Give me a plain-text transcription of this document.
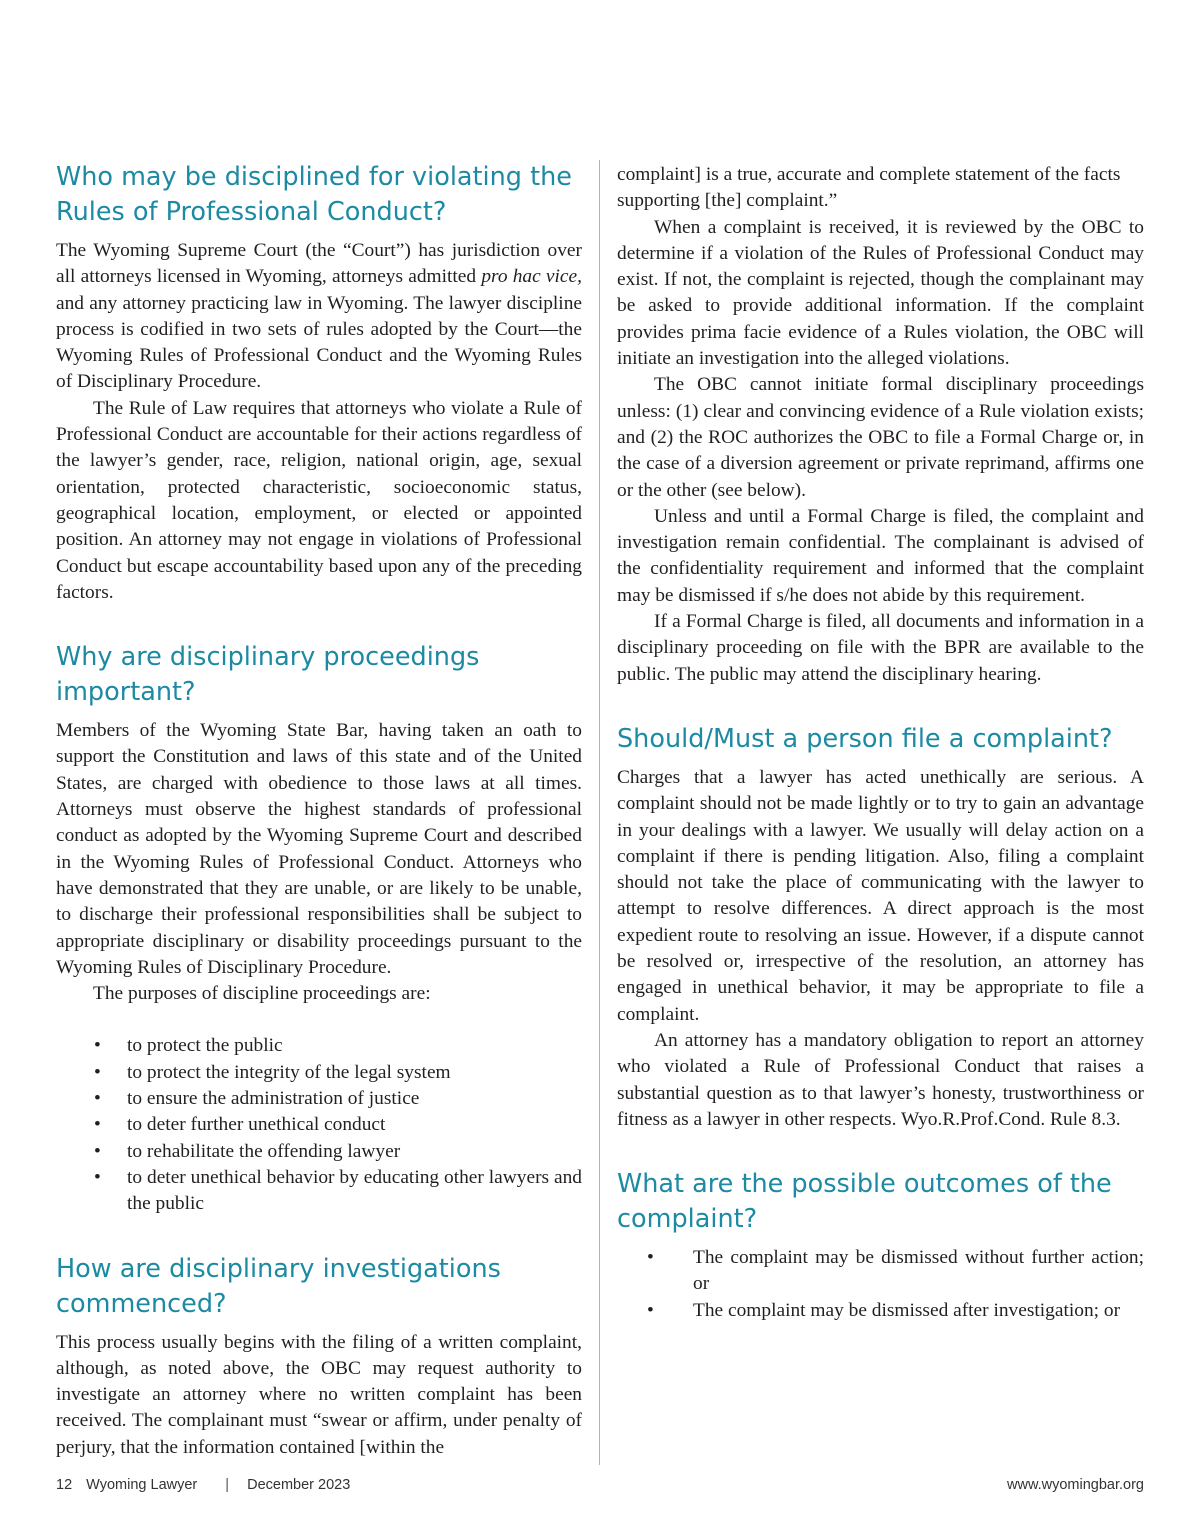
Who may be disciplined for violating the Rules of Professional Conduct?

The Wyoming Supreme Court (the “Court”) has jurisdiction over all attorneys licensed in Wyoming, attorneys admitted pro hac vice, and any attorney practicing law in Wyoming. The lawyer discipline process is codified in two sets of rules adopted by the Court—the Wyoming Rules of Professional Conduct and the Wyoming Rules of Disciplinary Procedure.

The Rule of Law requires that attorneys who violate a Rule of Professional Conduct are accountable for their actions regardless of the lawyer’s gender, race, religion, national origin, age, sexual orientation, protected characteristic, socioeconomic status, geographical location, employment, or elected or appointed position. An attorney may not engage in violations of Professional Conduct but escape accountability based upon any of the preceding factors.

Why are disciplinary proceedings important?

Members of the Wyoming State Bar, having taken an oath to support the Constitution and laws of this state and of the United States, are charged with obedience to those laws at all times. Attorneys must observe the highest standards of professional conduct as adopted by the Wyoming Supreme Court and described in the Wyoming Rules of Professional Conduct. Attorneys who have demonstrated that they are unable, or are likely to be unable, to discharge their professional responsibilities shall be subject to appropriate disciplinary or disability proceedings pursuant to the Wyoming Rules of Disciplinary Procedure.

The purposes of discipline proceedings are:

• to protect the public
• to protect the integrity of the legal system
• to ensure the administration of justice
• to deter further unethical conduct
• to rehabilitate the offending lawyer
• to deter unethical behavior by educating other lawyers and the public
How are disciplinary investigations commenced?

This process usually begins with the filing of a written complaint, although, as noted above, the OBC may request authority to investigate an attorney where no written complaint has been received. The complainant must “swear or affirm, under penalty of perjury, that the information contained [within the

complaint] is a true, accurate and complete statement of the facts supporting [the] complaint.”

When a complaint is received, it is reviewed by the OBC to determine if a violation of the Rules of Professional Conduct may exist. If not, the complaint is rejected, though the complainant may be asked to provide additional information. If the complaint provides prima facie evidence of a Rules violation, the OBC will initiate an investigation into the alleged violations.

The OBC cannot initiate formal disciplinary proceedings unless: (1) clear and convincing evidence of a Rule violation exists; and (2) the ROC authorizes the OBC to file a Formal Charge or, in the case of a diversion agreement or private reprimand, affirms one or the other (see below).

Unless and until a Formal Charge is filed, the complaint and investigation remain confidential. The complainant is advised of the confidentiality requirement and informed that the complaint may be dismissed if s/he does not abide by this requirement.

If a Formal Charge is filed, all documents and information in a disciplinary proceeding on file with the BPR are available to the public. The public may attend the disciplinary hearing.

Should/Must a person file a complaint?

Charges that a lawyer has acted unethically are serious. A complaint should not be made lightly or to try to gain an advantage in your dealings with a lawyer. We usually will delay action on a complaint if there is pending litigation. Also, filing a complaint should not take the place of communicating with the lawyer to attempt to resolve differences. A direct approach is the most expedient route to resolving an issue. However, if a dispute cannot be resolved or, irrespective of the resolution, an attorney has engaged in unethical behavior, it may be appropriate to file a complaint.

An attorney has a mandatory obligation to report an attorney who violated a Rule of Professional Conduct that raises a substantial question as to that lawyer’s honesty, trustworthiness or fitness as a lawyer in other respects. Wyo.R.Prof.Cond. Rule 8.3.

What are the possible outcomes of the complaint?
• The complaint may be dismissed without further action; or
• The complaint may be dismissed after investigation; or
12 Wyoming Lawyer | December 2023	www.wyomingbar.org
